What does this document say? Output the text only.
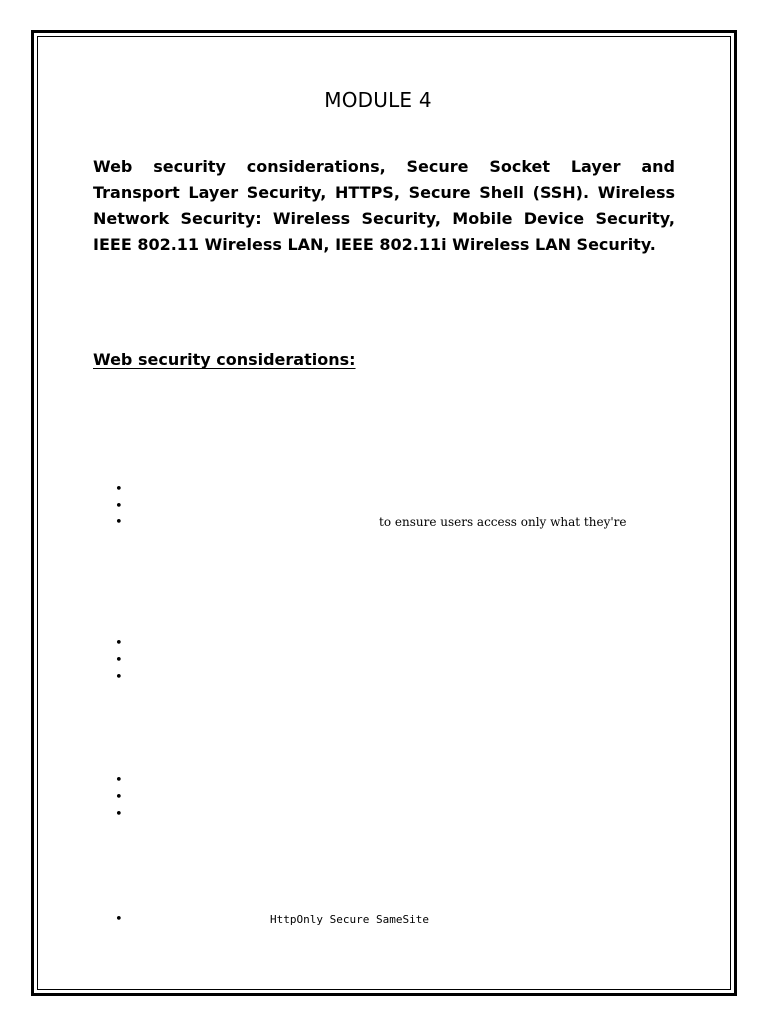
MODULE 4

Web security considerations, Secure Socket Layer and Transport Layer Security, HTTPS, Secure Shell (SSH). Wireless Network Security: Wireless Security, Mobile Device Security, IEEE 802.11 Wireless LAN, IEEE 802.11i Wireless LAN Security.

Web security considerations:

•
•
•	to ensure users access only what they're
•
•
•
•
•
•
•	HttpOnly Secure SameSite
